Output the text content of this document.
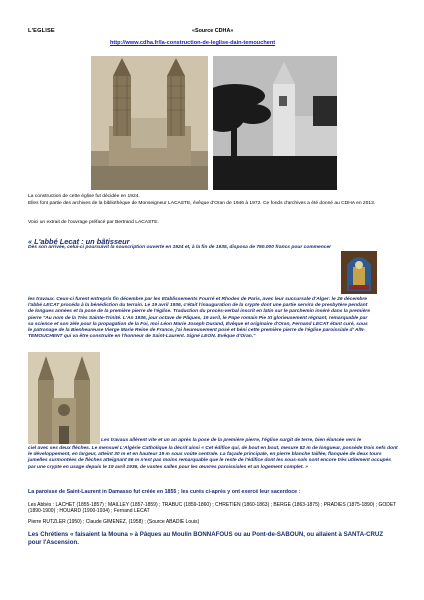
L'EGLISE	«Source CDHA»
http://www.cdha.fr/la-construction-de-leglise-dain-temouchent
La construction de cette église fut décidée en 1924.
Elles font partie des archives de la bibliothèque de Monseigneur LACASTE, évêque d'Oran de 1946 à 1972. Ce fonds d'archives a été donné au CDHA en 2013.
Voici un extrait de l'ouvrage préfacé par Bertrand LACASTE.
« L'abbé Lecat : un bâtisseur
Dès son arrivée, celui-ci poursuivit la souscription ouverte en 1924 et, à la fin de 1935, disposa de 750.000 francs pour commencer
les travaux. Ceux-ci furent entrepris fin décembre par les Etablissements Fourré et Rhodes de Paris, avec leur succursale d'Alger: le 26 décembre l'abbé LECAT procéda à la bénédiction du terrain. Le 19 avril 1936, c'était l'inauguration de la crypte dont une partie servira de presbytère pendant de longues années et la pose de la première pierre de l'église. Traduction du procès-verbal inscrit en latin sur le parchemin inséré dans la première pierre "Au nom de la Très Sainte-Trinité. L'An 1936, jour octave de Pâques, 19 avril, le Pape romain Pie XI glorieusement régnant, remarquable par sa science et son zèle pour la propagation de la Foi, moi Léon Marie Joseph Durand, Évêque et originaire d'Oran, Fernand LECAT étant curé, sous le patronage de la Bienheureuse Vierge Marie Reine de France, j'ai heureusement posé et béni cette première pierre de l'église paroissiale d' AÏN-TEMOUCHENT qui va être construite en l'honneur de Saint-Laurent. Signé LEON. Evêque d'Oran."
Les travaux allèrent vite et un an après la pose de la première pierre, l'église surgit de terre, bien élancée vers le
ciel avec ses deux flèches. Le mensuel L'Algérie Catholique la décrit ainsi « Cet édifice qui, de bout en bout, mesure 52 m de longueur, possède trois nefs dont le développement, en largeur, atteint 30 m et en hauteur 19 m sous voûte centrale. La façade principale, en pierre blanche taillée, flanquée de deux tours jumelles surmontées de flèches atteignant 56 m n'est pas moins remarquable que le reste de l'édifice dont les sous-sols sont encore très utilement occupés par une crypte en usage depuis le 19 avril 1936, de vastes salles pour les œuvres paroissiales et un logement complet. »
La paroisse de Saint-Laurent in Damasso fut créée en 1855 ; les curés ci-après y ont exercé leur sacerdoce :
Les Abbés : LACHET (1855-1857) ; MAILLEY (1857-1859) ; TRABUC (1859-1860) ; CHRETIEN (1860-1863) ; BERGE (1863-1875) ; PRADIES (1875-1890) ; GODET (1890-1900) ; HOUARD (1900-1934) ; Fernand LECAT
Pierre RUTZLER (1950) ; Claude GIMENEZ, (1958) ; (Source ABADIE Louis)
Les Chrétiens « faisaient la Mouna » à Pâques au Moulin BONNAFOUS ou au Pont-de-SABOUN, ou allaient à SANTA-CRUZ pour l'Ascension.
